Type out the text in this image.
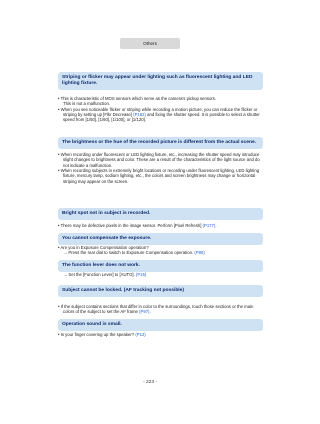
Others
Striping or flicker may appear under lighting such as fluorescent lighting and LED lighting fixture.

• This is characteristic of MOS sensors which serve as the camera's pickup sensors.

This is not a malfunction.

• When you see noticeable flicker or striping while recording a motion picture, you can reduce the flicker or striping by setting up [Flkr Decrease] (P182) and fixing the shutter speed. It is possible to select a shutter speed from [1/50], [1/60], [1/100], or [1/120].

The brightness or the hue of the recorded picture is different from the actual scene.

• When recording under fluorescent or LED lighting fixture, etc., increasing the shutter speed may introduce slight changes to brightness and color. These are a result of the characteristics of the light source and do not indicate a malfunction.

• When recording subjects in extremely bright locations or recording under fluorescent lighting, LED lighting fixture, mercury lamp, sodium lighting, etc., the colors and screen brightness may change or horizontal striping may appear on the screen.

Bright spot not in subject is recorded.

• There may be defective pixels in the image sensor. Perform [Pixel Refresh] (P177).

You cannot compensate the exposure.

• Are you in Exposure Compensation operation?

→ Press the rear dial to switch to Exposure Compensation operation. (P86)

The function lever does not work.

→ Set the [Function Lever] to [AUTO]. (P15)

Subject cannot be locked. (AF tracking not possible)

• If the subject contains sections that differ in color to the surroundings, touch those sections or the main colors of the subject to set the AF frame (P97).

Operation sound is small.

• Is your finger covering up the speaker? (P12)

- 223 -
